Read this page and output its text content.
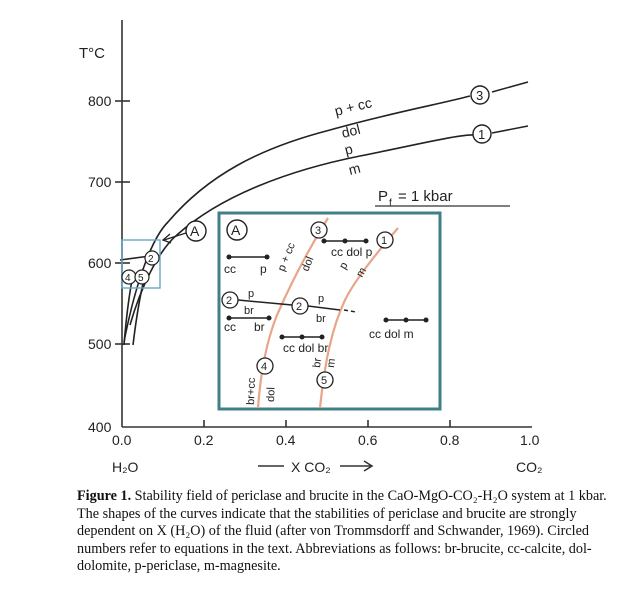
T°C
800
700
600
500
400
0.0	0.2	0.4	0.6	0.8	1.0
H₂O	CO₂
X CO₂
p + cc
dol
p
m
3
1
P f = 1 kbar
2
4 5
A A	3
1
4
5
2	2
cc p
cc dol p
p + cc dol p m
p
br
cc br
p
br
cc dol m
cc dol br
br+cc dol
br m

Figure 1. Stability field of periclase and brucite in the CaO-MgO-CO₂-H₂O system at 1 kbar. The shapes of the curves indicate that the stabilities of periclase and brucite are strongly dependent on X (H₂O) of the fluid (after von Trommsdorff and Schwander, 1969). Circled numbers refer to equations in the text. Abbreviations as follows: br-brucite, cc-calcite, dol-dolomite, p-periclase, m-magnesite.
